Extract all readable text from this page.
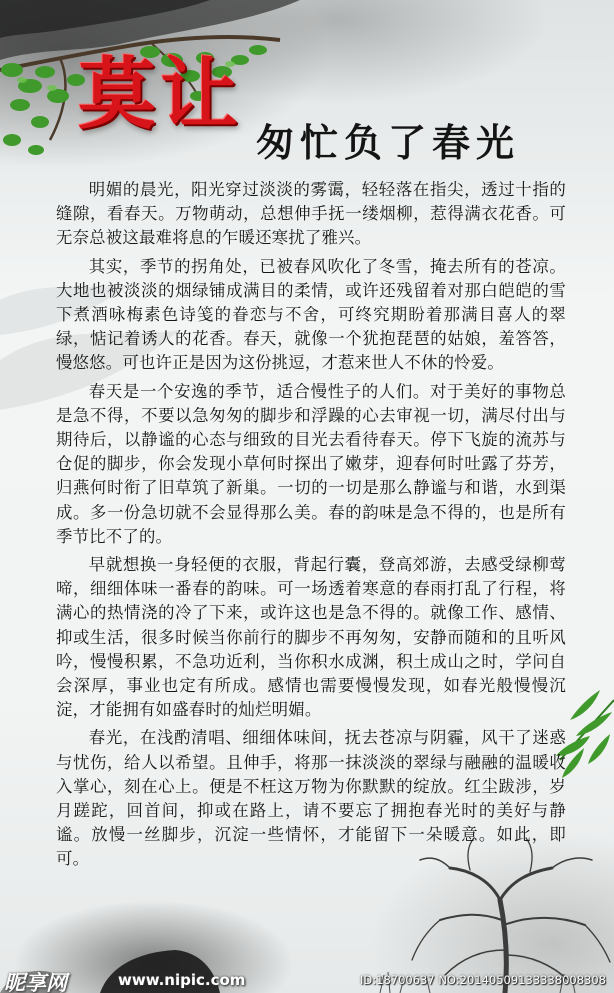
莫让
匆忙负了春光

明媚的晨光，阳光穿过淡淡的雾霭，轻轻落在指尖，透过十指的缝隙，看春天。万物萌动，总想伸手抚一缕烟柳，惹得满衣花香。可无奈总被这最难将息的乍暖还寒扰了雅兴。

其实，季节的拐角处，已被春风吹化了冬雪，掩去所有的苍凉。大地也被淡淡的烟绿铺成满目的柔情，或许还残留着对那白皑皑的雪下煮酒咏梅素色诗笺的眷恋与不舍，可终究期盼着那满目喜人的翠绿，惦记着诱人的花香。春天，就像一个犹抱琵琶的姑娘，羞答答，慢悠悠。可也许正是因为这份挑逗，才惹来世人不休的怜爱。

春天是一个安逸的季节，适合慢性子的人们。对于美好的事物总是急不得，不要以急匆匆的脚步和浮躁的心去审视一切，满尽付出与期待后，以静谧的心态与细致的目光去看待春天。停下飞旋的流苏与仓促的脚步，你会发现小草何时探出了嫩芽，迎春何时吐露了芬芳，归燕何时衔了旧草筑了新巢。一切的一切是那么静谧与和谐，水到渠成。多一份急切就不会显得那么美。春的韵味是急不得的，也是所有季节比不了的。

早就想换一身轻便的衣服，背起行囊，登高郊游，去感受绿柳莺啼，细细体味一番春的韵味。可一场透着寒意的春雨打乱了行程，将满心的热情浇的冷了下来，或许这也是急不得的。就像工作、感情、抑或生活，很多时候当你前行的脚步不再匆匆，安静而随和的且听风吟，慢慢积累，不急功近利，当你积水成渊，积土成山之时，学问自会深厚，事业也定有所成。感情也需要慢慢发现，如春光般慢慢沉淀，才能拥有如盛春时的灿烂明媚。

春光，在浅酌清唱、细细体味间，抚去苍凉与阴霾，风干了迷惑与忧伤，给人以希望。且伸手，将那一抹淡淡的翠绿与融融的温暖收入掌心，刻在心上。便是不枉这万物为你默默的绽放。红尘跋涉，岁月蹉跎，回首间，抑或在路上，请不要忘了拥抱春光时的美好与静谧。放慢一丝脚步，沉淀一些情怀，才能留下一朵暖意。如此，即可。

昵享网	www.nipic.com	ID:18700637 NO:20140509133338008308
